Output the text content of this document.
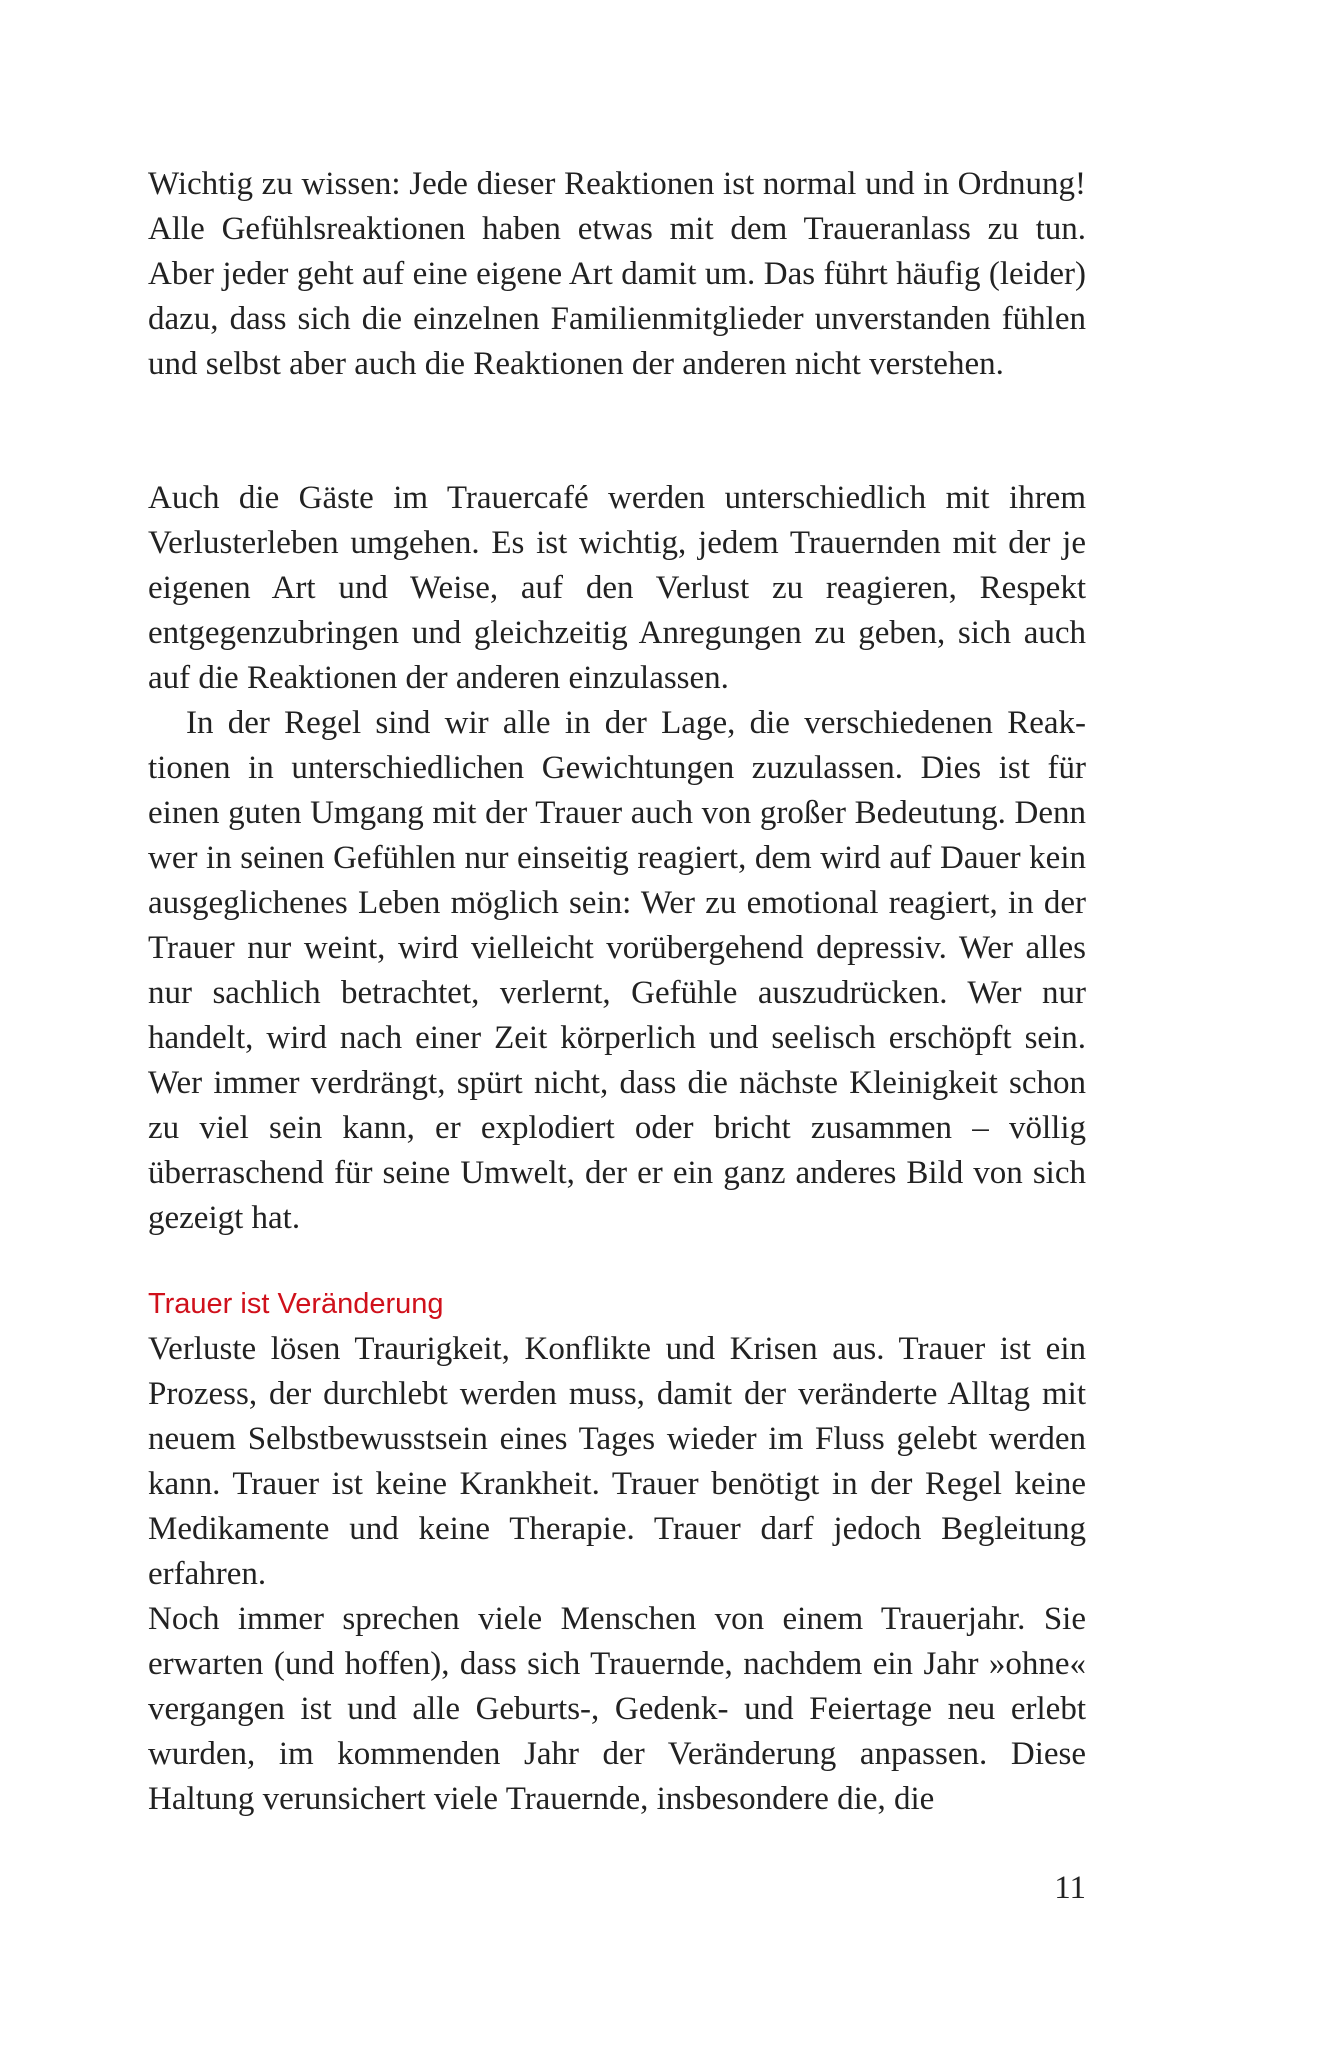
Wichtig zu wissen: Jede dieser Reaktionen ist normal und in Ordnung! Alle Gefühlsreaktionen haben etwas mit dem Traueranlass zu tun. Aber jeder geht auf eine eigene Art damit um. Das führt häufig (leider) dazu, dass sich die einzelnen Familienmitglieder unverstanden fühlen und selbst aber auch die Reaktionen der anderen nicht verstehen.

Auch die Gäste im Trauercafé werden unterschiedlich mit ihrem Verlusterleben umgehen. Es ist wichtig, jedem Trauernden mit der je eigenen Art und Weise, auf den Verlust zu reagieren, Respekt entgegenzubringen und gleichzeitig Anregungen zu geben, sich auch auf die Reaktionen der anderen einzulassen.

In der Regel sind wir alle in der Lage, die verschiedenen Reaktionen in unterschiedlichen Gewichtungen zuzulassen. Dies ist für einen guten Umgang mit der Trauer auch von großer Bedeutung. Denn wer in seinen Gefühlen nur einseitig reagiert, dem wird auf Dauer kein ausgeglichenes Leben möglich sein: Wer zu emotional reagiert, in der Trauer nur weint, wird vielleicht vorübergehend depressiv. Wer alles nur sachlich betrachtet, verlernt, Gefühle auszudrücken. Wer nur handelt, wird nach einer Zeit körperlich und seelisch erschöpft sein. Wer immer verdrängt, spürt nicht, dass die nächste Kleinigkeit schon zu viel sein kann, er explodiert oder bricht zusammen – völlig überraschend für seine Umwelt, der er ein ganz anderes Bild von sich gezeigt hat.

Trauer ist Veränderung

Verluste lösen Traurigkeit, Konflikte und Krisen aus. Trauer ist ein Prozess, der durchlebt werden muss, damit der veränderte Alltag mit neuem Selbstbewusstsein eines Tages wieder im Fluss gelebt werden kann. Trauer ist keine Krankheit. Trauer benötigt in der Regel keine Medikamente und keine Therapie. Trauer darf jedoch Begleitung erfahren.

Noch immer sprechen viele Menschen von einem Trauerjahr. Sie erwarten (und hoffen), dass sich Trauernde, nachdem ein Jahr »ohne« vergangen ist und alle Geburts-, Gedenk- und Feiertage neu erlebt wurden, im kommenden Jahr der Veränderung anpassen. Diese Haltung verunsichert viele Trauernde, insbesondere die, die

11
